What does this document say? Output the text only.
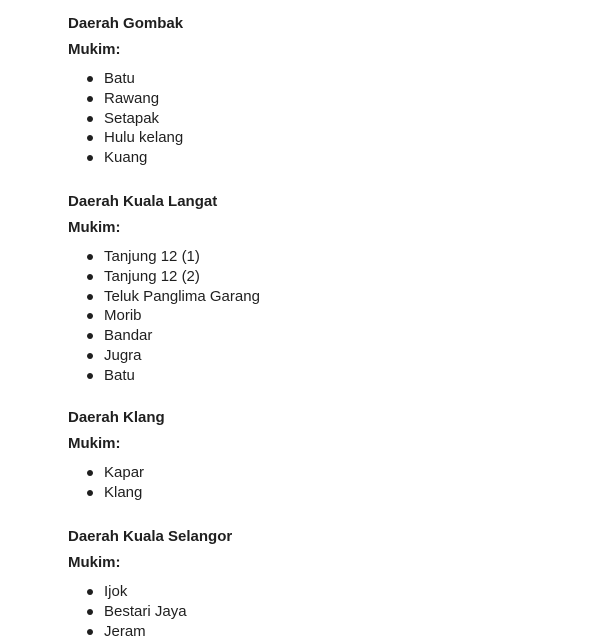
Daerah Gombak
Mukim:
Batu
Rawang
Setapak
Hulu kelang
Kuang
Daerah Kuala Langat
Mukim:
Tanjung 12 (1)
Tanjung 12 (2)
Teluk Panglima Garang
Morib
Bandar
Jugra
Batu
Daerah Klang
Mukim:
Kapar
Klang
Daerah Kuala Selangor
Mukim:
Ijok
Bestari Jaya
Jeram
